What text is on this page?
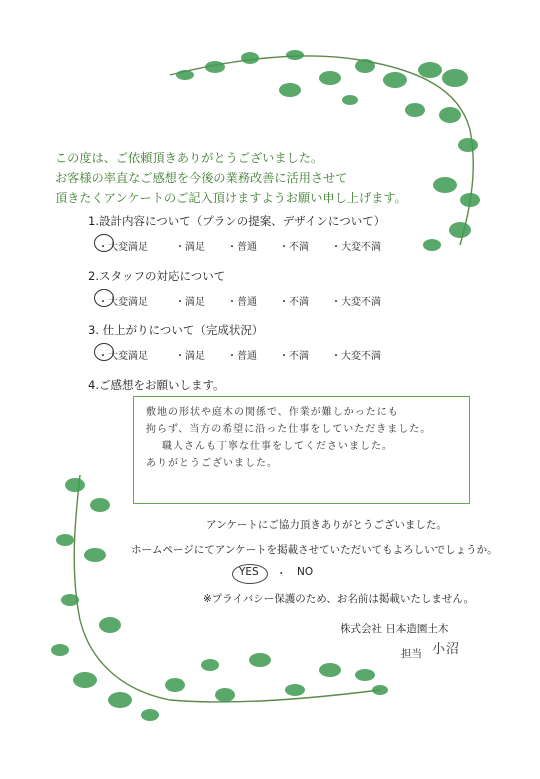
この度は、ご依頼頂きありがとうございました。
お客様の率直なご感想を今後の業務改善に活用させて
頂きたくアンケートのご記入頂けますようお願い申し上げます。
1.設計内容について（プランの提案、デザインについて）
・大変満足	・満足 ・普通 ・不満 ・大変不満
2.スタッフの対応について
・大変満足	・満足 ・普通 ・不満 ・大変不満
3. 仕上がりについて（完成状況）
・大変満足	・満足 ・普通 ・不満 ・大変不満
4.ご感想をお願いします。
敷地の形状や庭木の関係で、作業が難しかったにも
拘らず、当方の希望に沿った仕事をしていただきました。
職人さんも丁寧な仕事をしてくださいました。
ありがとうございました。
アンケートにご協力頂きありがとうございました。
ホームページにてアンケートを掲載させていただいてもよろしいでしょうか。
YES ・ NO
※プライバシー保護のため、お名前は掲載いたしません。
株式会社 日本造園土木
担当 小沼
